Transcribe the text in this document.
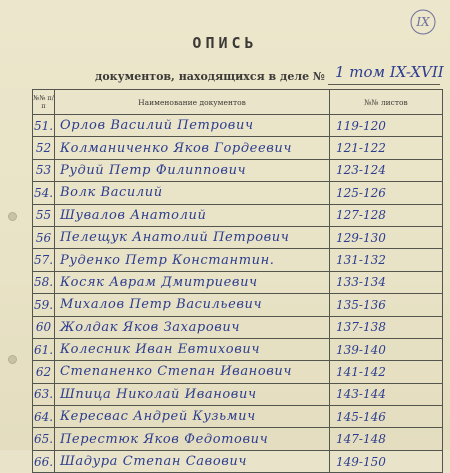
IX
ОПИСЬ
документов, находящихся в деле № 1 том IX-XVII
№№ п/п	Наименование документов	№№ листов
51.	Орлов Василий Петрович	119-120
52	Колманиченко Яков Гордеевич	121-122
53	Рудий Петр Филиппович	123-124
54.	Волк Василий	125-126
55	Шувалов Анатолий	127-128
56	Пелещук Анатолий Петрович	129-130
57.	Руденко Петр Константин.	131-132
58.	Косяк Аврам Дмитриевич	133-134
59.	Михалов Петр Васильевич	135-136
60	Жолдак Яков Захарович	137-138
61.	Колесник Иван Евтихович	139-140
62	Степаненко Степан Иванович	141-142
63.	Шпица Николай Иванович	143-144
64.	Кересвас Андрей Кузьмич	145-146
65.	Перестюк Яков Федотович	147-148
66.	Шадура Степан Савович	149-150
